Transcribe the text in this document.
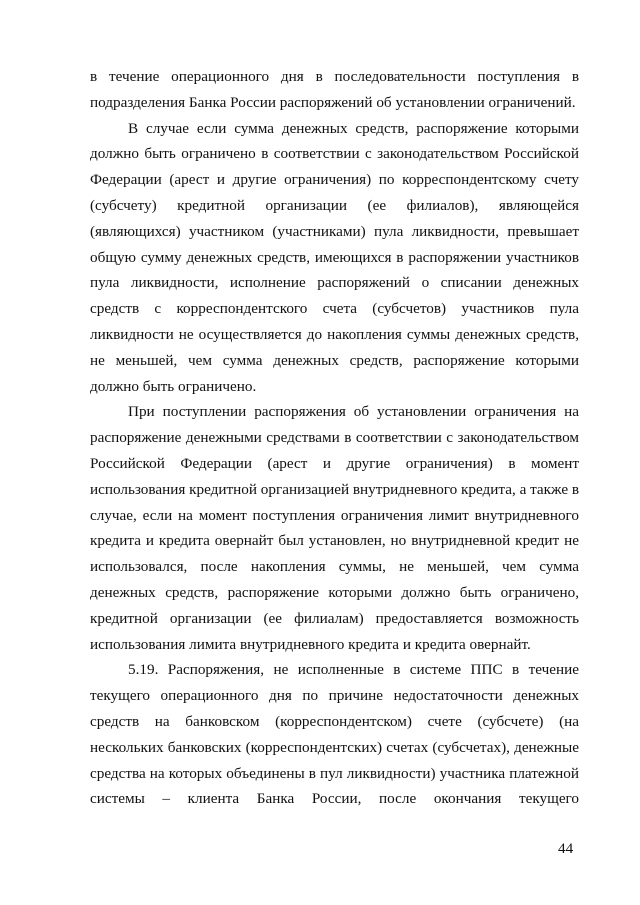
в течение операционного дня в последовательности поступления в
подразделения Банка России распоряжений об установлении ограничений.

В случае если сумма денежных средств, распоряжение которыми
должно быть ограничено в соответствии с законодательством Российской
Федерации (арест и другие ограничения) по корреспондентскому счету
(субсчету) кредитной организации (ее филиалов), являющейся
(являющихся) участником (участниками) пула ликвидности, превышает
общую сумму денежных средств, имеющихся в распоряжении участников
пула ликвидности, исполнение распоряжений о списании денежных
средств с корреспондентского счета (субсчетов) участников пула
ликвидности не осуществляется до накопления суммы денежных средств,
не меньшей, чем сумма денежных средств, распоряжение которыми
должно быть ограничено.

При поступлении распоряжения об установлении ограничения на
распоряжение денежными средствами в соответствии с законодательством
Российской Федерации (арест и другие ограничения) в момент
использования кредитной организацией внутридневного кредита, а также в
случае, если на момент поступления ограничения лимит внутридневного
кредита и кредита овернайт был установлен, но внутридневной кредит не
использовался, после накопления суммы, не меньшей, чем сумма
денежных средств, распоряжение которыми должно быть ограничено,
кредитной организации (ее филиалам) предоставляется возможность
использования лимита внутридневного кредита и кредита овернайт.

5.19. Распоряжения, не исполненные в системе ППС в течение
текущего операционного дня по причине недостаточности денежных
средств на банковском (корреспондентском) счете (субсчете) (на
нескольких банковских (корреспондентских) счетах (субсчетах), денежные
средства на которых объединены в пул ликвидности) участника платежной
системы – клиента Банка России, после окончания текущего

44
